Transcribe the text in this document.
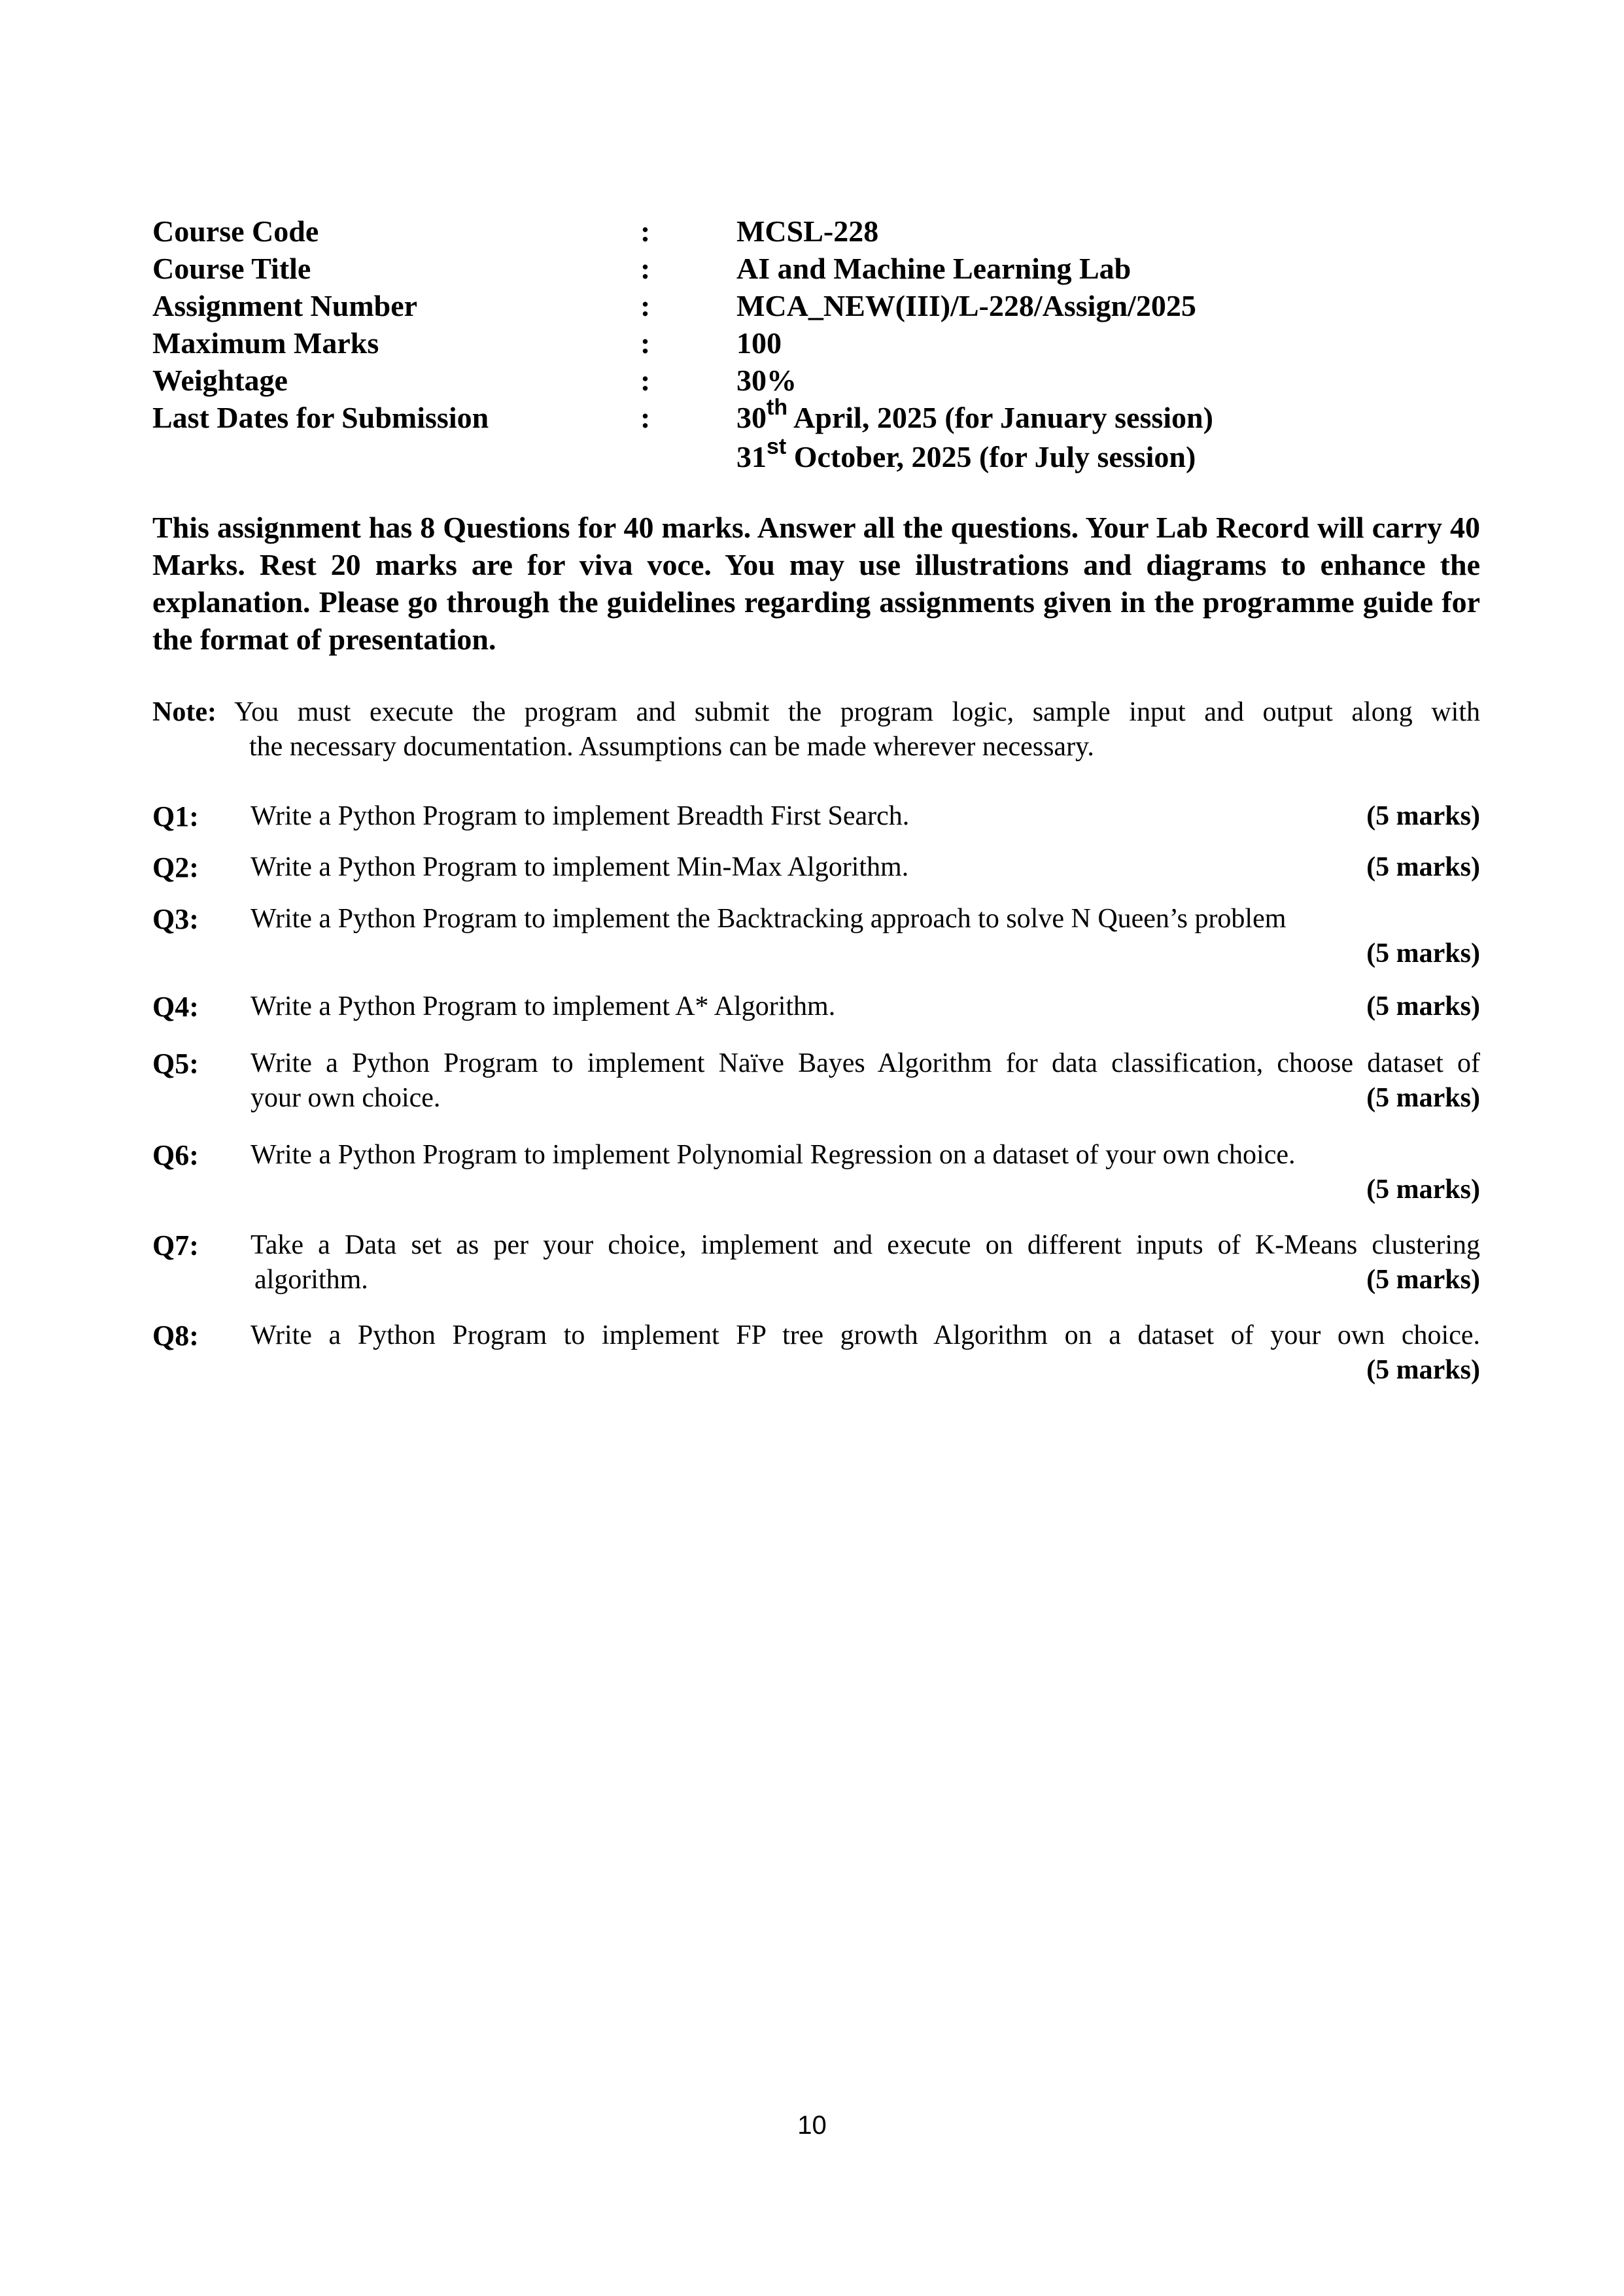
Course Code	:	MCSL-228
Course Title	:	AI and Machine Learning Lab
Assignment Number	:	MCA_NEW(III)/L-228/Assign/2025
Maximum Marks	:	100
Weightage	:	30%
Last Dates for Submission	:	30th April, 2025 (for January session)
31st October, 2025 (for July session)
This assignment has 8 Questions for 40 marks. Answer all the questions. Your Lab Record will carry 40 Marks. Rest 20 marks are for viva voce. You may use illustrations and diagrams to enhance the explanation. Please go through the guidelines regarding assignments given in the programme guide for the format of presentation.
Note: You must execute the program and submit the program logic, sample input and output along with
the necessary documentation. Assumptions can be made wherever necessary.
Q1: Write a Python Program to implement Breadth First Search.	(5 marks)
Q2: Write a Python Program to implement Min-Max Algorithm.	(5 marks)
Q3: Write a Python Program to implement the Backtracking approach to solve N Queen’s problem
(5 marks)
Q4: Write a Python Program to implement A* Algorithm.	(5 marks)
Q5: Write a Python Program to implement Naïve Bayes Algorithm for data classification, choose dataset of
your own choice.	(5 marks)
Q6: Write a Python Program to implement Polynomial Regression on a dataset of your own choice.
(5 marks)
Q7: Take a Data set as per your choice, implement and execute on different inputs of K-Means clustering
algorithm.	(5 marks)
Q8: Write a Python Program to implement FP tree growth Algorithm on a dataset of your own choice.
(5 marks)
10
